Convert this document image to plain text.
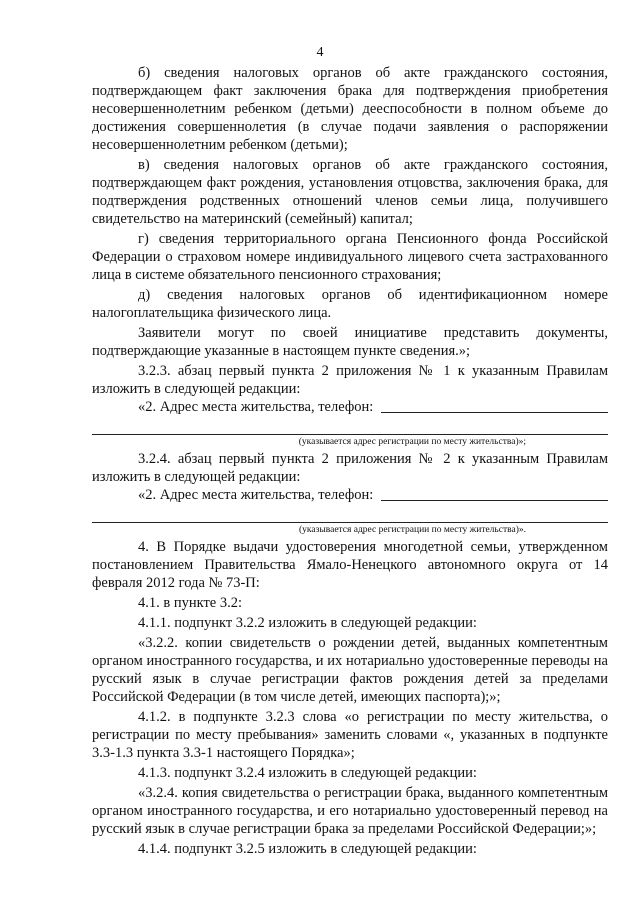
4

б) сведения налоговых органов об акте гражданского состояния, подтверждающем факт заключения брака для подтверждения приобретения несовершеннолетним ребенком (детьми) дееспособности в полном объеме до достижения совершеннолетия (в случае подачи заявления о распоряжении несовершеннолетним ребенком (детьми);

в) сведения налоговых органов об акте гражданского состояния, подтверждающем факт рождения, установления отцовства, заключения брака, для подтверждения родственных отношений членов семьи лица, получившего свидетельство на материнский (семейный) капитал;

г) сведения территориального органа Пенсионного фонда Российской Федерации о страховом номере индивидуального лицевого счета застрахованного лица в системе обязательного пенсионного страхования;

д) сведения налоговых органов об идентификационном номере налогоплательщика физического лица.

Заявители могут по своей инициативе представить документы, подтверждающие указанные в настоящем пункте сведения.»;

3.2.3. абзац первый пункта 2 приложения № 1 к указанным Правилам изложить в следующей редакции:

«2. Адрес места жительства, телефон:
(указывается адрес регистрации по месту жительства)»;

3.2.4. абзац первый пункта 2 приложения № 2 к указанным Правилам изложить в следующей редакции:

«2. Адрес места жительства, телефон:
(указывается адрес регистрации по месту жительства)».

4. В Порядке выдачи удостоверения многодетной семьи, утвержденном постановлением Правительства Ямало-Ненецкого автономного округа от 14 февраля 2012 года № 73-П:

4.1. в пункте 3.2:

4.1.1. подпункт 3.2.2 изложить в следующей редакции:

«3.2.2. копии свидетельств о рождении детей, выданных компетентным органом иностранного государства, и их нотариально удостоверенные переводы на русский язык в случае регистрации фактов рождения детей за пределами Российской Федерации (в том числе детей, имеющих паспорта);»;

4.1.2. в подпункте 3.2.3 слова «о регистрации по месту жительства, о регистрации по месту пребывания» заменить словами «, указанных в подпункте 3.3-1.3 пункта 3.3-1 настоящего Порядка»;

4.1.3. подпункт 3.2.4 изложить в следующей редакции:

«3.2.4. копия свидетельства о регистрации брака, выданного компетентным органом иностранного государства, и его нотариально удостоверенный перевод на русский язык в случае регистрации брака за пределами Российской Федерации;»;

4.1.4. подпункт 3.2.5 изложить в следующей редакции:
